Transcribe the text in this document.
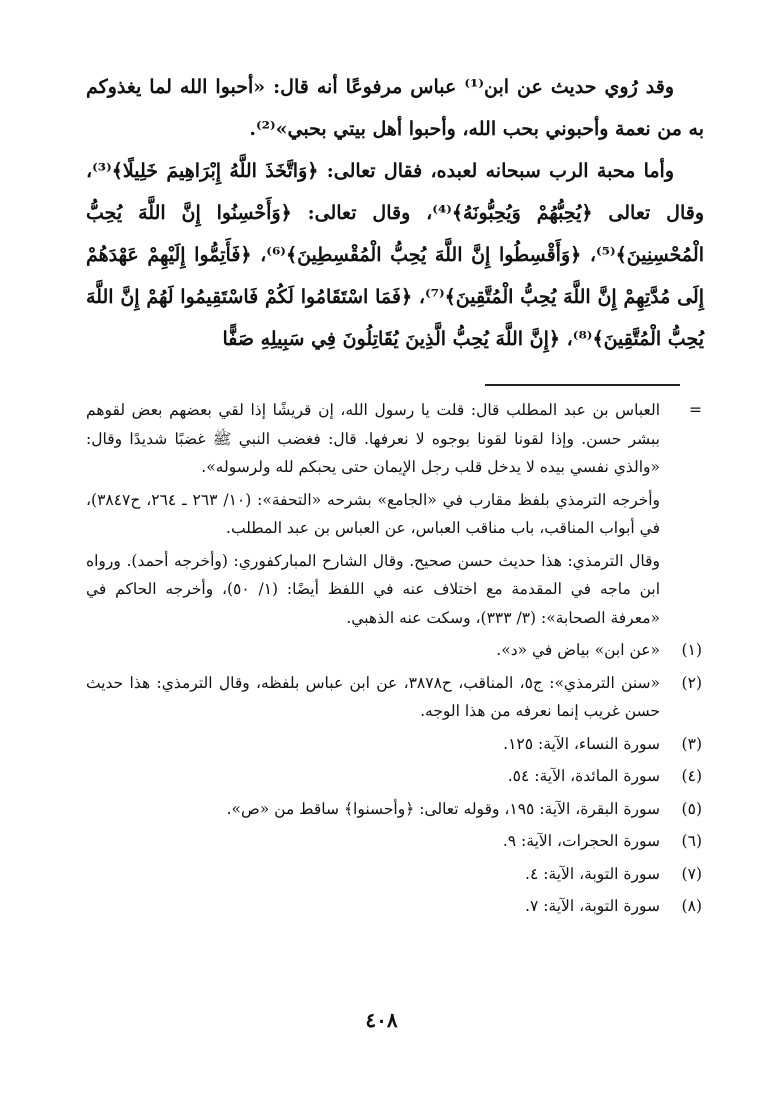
وقد رُوي حديث عن ابن⁽¹⁾ عباس مرفوعًا أنه قال: «أحبوا الله لما يغذوكم به من نعمة وأحبوني بحب الله، وأحبوا أهل بيتي بحبي»⁽²⁾.

وأما محبة الرب سبحانه لعبده، فقال تعالى: ﴿وَاتَّخَذَ اللَّهُ إِبْرَاهِيمَ خَلِيلًا﴾⁽³⁾، وقال تعالى ﴿يُحِبُّهُمْ وَيُحِبُّونَهُ﴾⁽⁴⁾، وقال تعالى: ﴿وَأَحْسِنُوا إِنَّ اللَّهَ يُحِبُّ الْمُحْسِنِينَ﴾⁽⁵⁾، ﴿وَأَقْسِطُوا إِنَّ اللَّهَ يُحِبُّ الْمُقْسِطِينَ﴾⁽⁶⁾، ﴿فَأَتِمُّوا إِلَيْهِمْ عَهْدَهُمْ إِلَى مُدَّتِهِمْ إِنَّ اللَّهَ يُحِبُّ الْمُتَّقِينَ﴾⁽⁷⁾، ﴿فَمَا اسْتَقَامُوا لَكُمْ فَاسْتَقِيمُوا لَهُمْ إِنَّ اللَّهَ يُحِبُّ الْمُتَّقِينَ﴾⁽⁸⁾، ﴿إِنَّ اللَّهَ يُحِبُّ الَّذِينَ يُقَاتِلُونَ فِي سَبِيلِهِ صَفًّا

=

العباس بن عبد المطلب قال: قلت يا رسول الله، إن قريشًا إذا لقي بعضهم بعض لقوهم ببشر حسن. وإذا لقونا لقونا بوجوه لا نعرفها. قال: فغضب النبي ﷺ غضبًا شديدًا وقال: «والذي نفسي بيده لا يدخل قلب رجل الإيمان حتى يحبكم لله ولرسوله».

وأخرجه الترمذي بلفظ مقارب في «الجامع» بشرحه «التحفة»: (١٠/ ٢٦٣ ـ ٢٦٤، ح٣٨٤٧)، في أبواب المناقب، باب مناقب العباس، عن العباس بن عبد المطلب.

وقال الترمذي: هذا حديث حسن صحيح. وقال الشارح المباركفوري: (وأخرجه أحمد). ورواه ابن ماجه في المقدمة مع اختلاف عنه في اللفظ أيضًا: (١/ ٥٠)، وأخرجه الحاكم في «معرفة الصحابة»: (٣/ ٣٣٣)، وسكت عنه الذهبي.

(١)
«عن ابن» بياض في «د».
(٢)
«سنن الترمذي»: ج٥، المناقب، ح٣٨٧٨، عن ابن عباس بلفظه، وقال الترمذي: هذا حديث حسن غريب إنما نعرفه من هذا الوجه.
(٣)
سورة النساء، الآية: ١٢٥.
(٤)
سورة المائدة، الآية: ٥٤.
(٥)
سورة البقرة، الآية: ١٩٥، وقوله تعالى: ﴿وأحسنوا﴾ ساقط من «ص».
(٦)
سورة الحجرات، الآية: ٩.
(٧)
سورة التوبة، الآية: ٤.
(٨)
سورة التوبة، الآية: ٧.
٤٠٨
